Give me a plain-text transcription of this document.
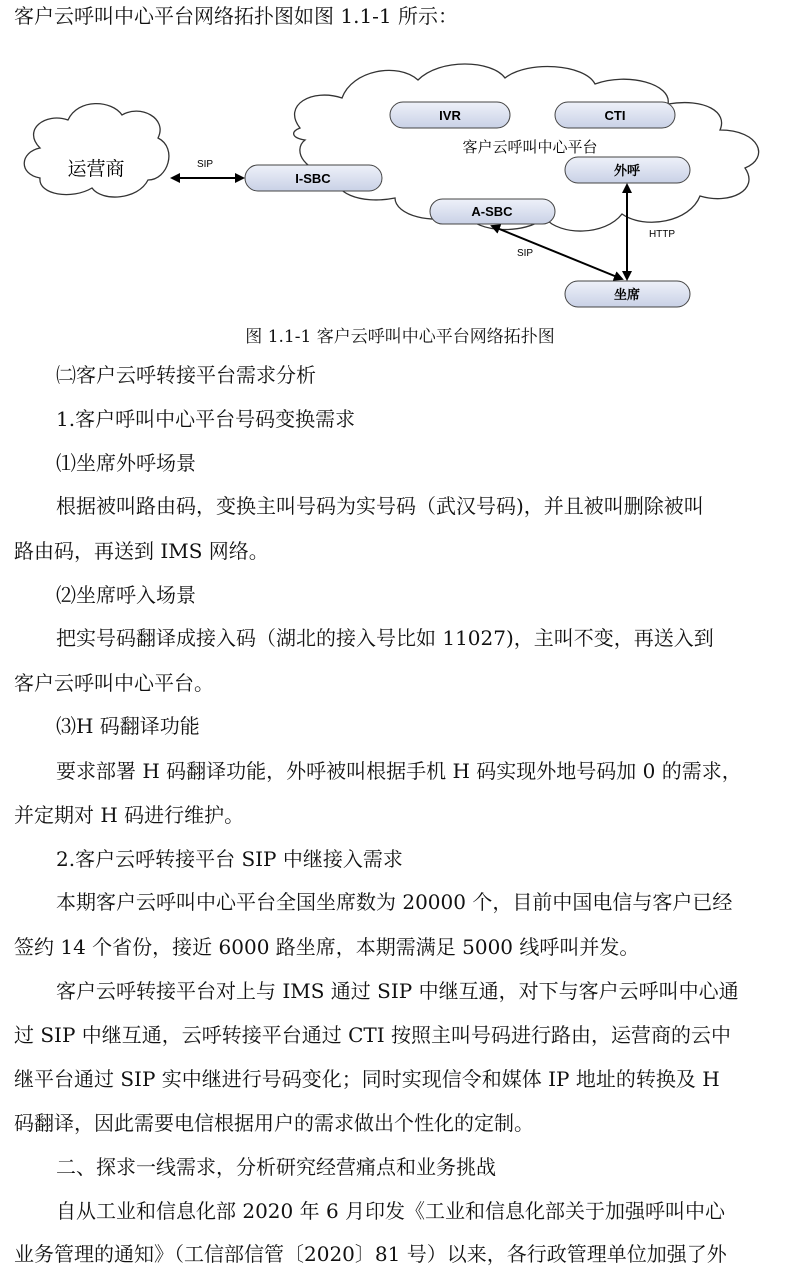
客户云呼叫中心平台网络拓扑图如图 1.1-1 所示：
运营商
客户云呼叫中心平台
IVR	CTI
外呼
I-SBC
A-SBC
坐席
SIP
SIP
HTTP
图 1.1-1 客户云呼叫中心平台网络拓扑图
㈡客户云呼转接平台需求分析
1.客户呼叫中心平台号码变换需求
⑴坐席外呼场景
根据被叫路由码，变换主叫号码为实号码（武汉号码)，并且被叫删除被叫
路由码，再送到 IMS 网络。
⑵坐席呼入场景
把实号码翻译成接入码（湖北的接入号比如 11027)，主叫不变，再送入到
客户云呼叫中心平台。
⑶H 码翻译功能
要求部署 H 码翻译功能，外呼被叫根据手机 H 码实现外地号码加 0 的需求，
并定期对 H 码进行维护。
2.客户云呼转接平台 SIP 中继接入需求
本期客户云呼叫中心平台全国坐席数为 20000 个，目前中国电信与客户已经
签约 14 个省份，接近 6000 路坐席，本期需满足 5000 线呼叫并发。
客户云呼转接平台对上与 IMS 通过 SIP 中继互通，对下与客户云呼叫中心通
过 SIP 中继互通，云呼转接平台通过 CTI 按照主叫号码进行路由，运营商的云中
继平台通过 SIP 实中继进行号码变化；同时实现信令和媒体 IP 地址的转换及 H
码翻译，因此需要电信根据用户的需求做出个性化的定制。
二、探求一线需求，分析研究经营痛点和业务挑战
自从工业和信息化部 2020 年 6 月印发《工业和信息化部关于加强呼叫中心
业务管理的通知》（工信部信管〔2020〕81 号）以来，各行政管理单位加强了外
